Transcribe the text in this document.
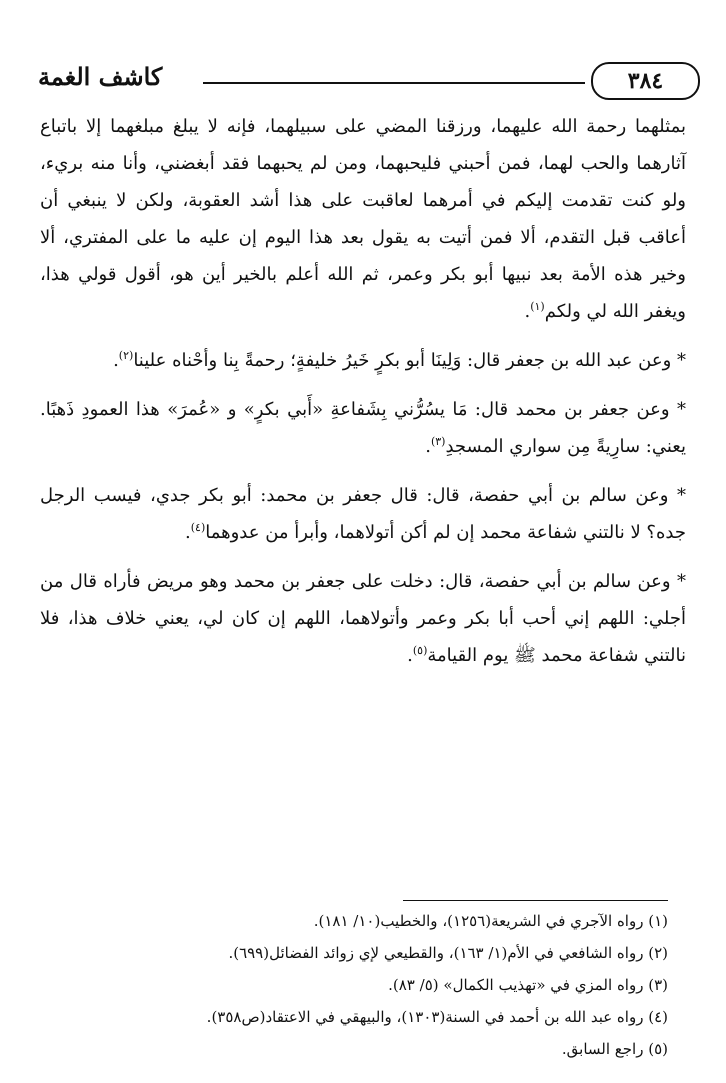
كاشف الغمة	٣٨٤

بمثلهما رحمة الله عليهما، ورزقنا المضي على سبيلهما، فإنه لا يبلغ مبلغهما إلا باتباع آثارهما والحب لهما، فمن أحبني فليحبهما، ومن لم يحبهما فقد أبغضني، وأنا منه بريء، ولو كنت تقدمت إليكم في أمرهما لعاقبت على هذا أشد العقوبة، ولكن لا ينبغي أن أعاقب قبل التقدم، ألا فمن أتيت به يقول بعد هذا اليوم إن عليه ما على المفتري، ألا وخير هذه الأمة بعد نبيها أبو بكر وعمر، ثم الله أعلم بالخير أين هو، أقول قولي هذا، ويغفر الله لي ولكم$^{(١)}$.

* وعن عبد الله بن جعفر قال: وَلِينَا أبو بكرٍ خَيرُ خليفةٍ؛ رحمةً بِنا وأحْناه علينا$^{(٢)}$.

* وعن جعفر بن محمد قال: مَا يسُرُّني بِشَفاعةِ «أَبي بكرٍ» و «عُمرَ» هذا العمودِ ذَهبًا. يعني: سارِيةً مِن سواري المسجدِ$^{(٣)}$.

* وعن سالم بن أبي حفصة، قال: قال جعفر بن محمد: أبو بكر جدي، فيسب الرجل جده؟ لا نالتني شفاعة محمد إن لم أكن أتولاهما، وأبرأ من عدوهما$^{(٤)}$.

* وعن سالم بن أبي حفصة، قال: دخلت على جعفر بن محمد وهو مريض فأراه قال من أجلي: اللهم إني أحب أبا بكر وعمر وأتولاهما، اللهم إن كان لي، يعني خلاف هذا، فلا نالتني شفاعة محمد ﷺ يوم القيامة$^{(٥)}$.

(١) رواه الآجري في الشريعة(١٢٥٦)، والخطيب(١٠/ ١٨١).

(٢) رواه الشافعي في الأم(١/ ١٦٣)، والقطيعي لإي زوائد الفضائل(٦٩٩).

(٣) رواه المزي في «تهذيب الكمال» (٥/ ٨٣).

(٤) رواه عبد الله بن أحمد في السنة(١٣٠٣)، والبيهقي في الاعتقاد(ص٣٥٨).

(٥) راجع السابق.
